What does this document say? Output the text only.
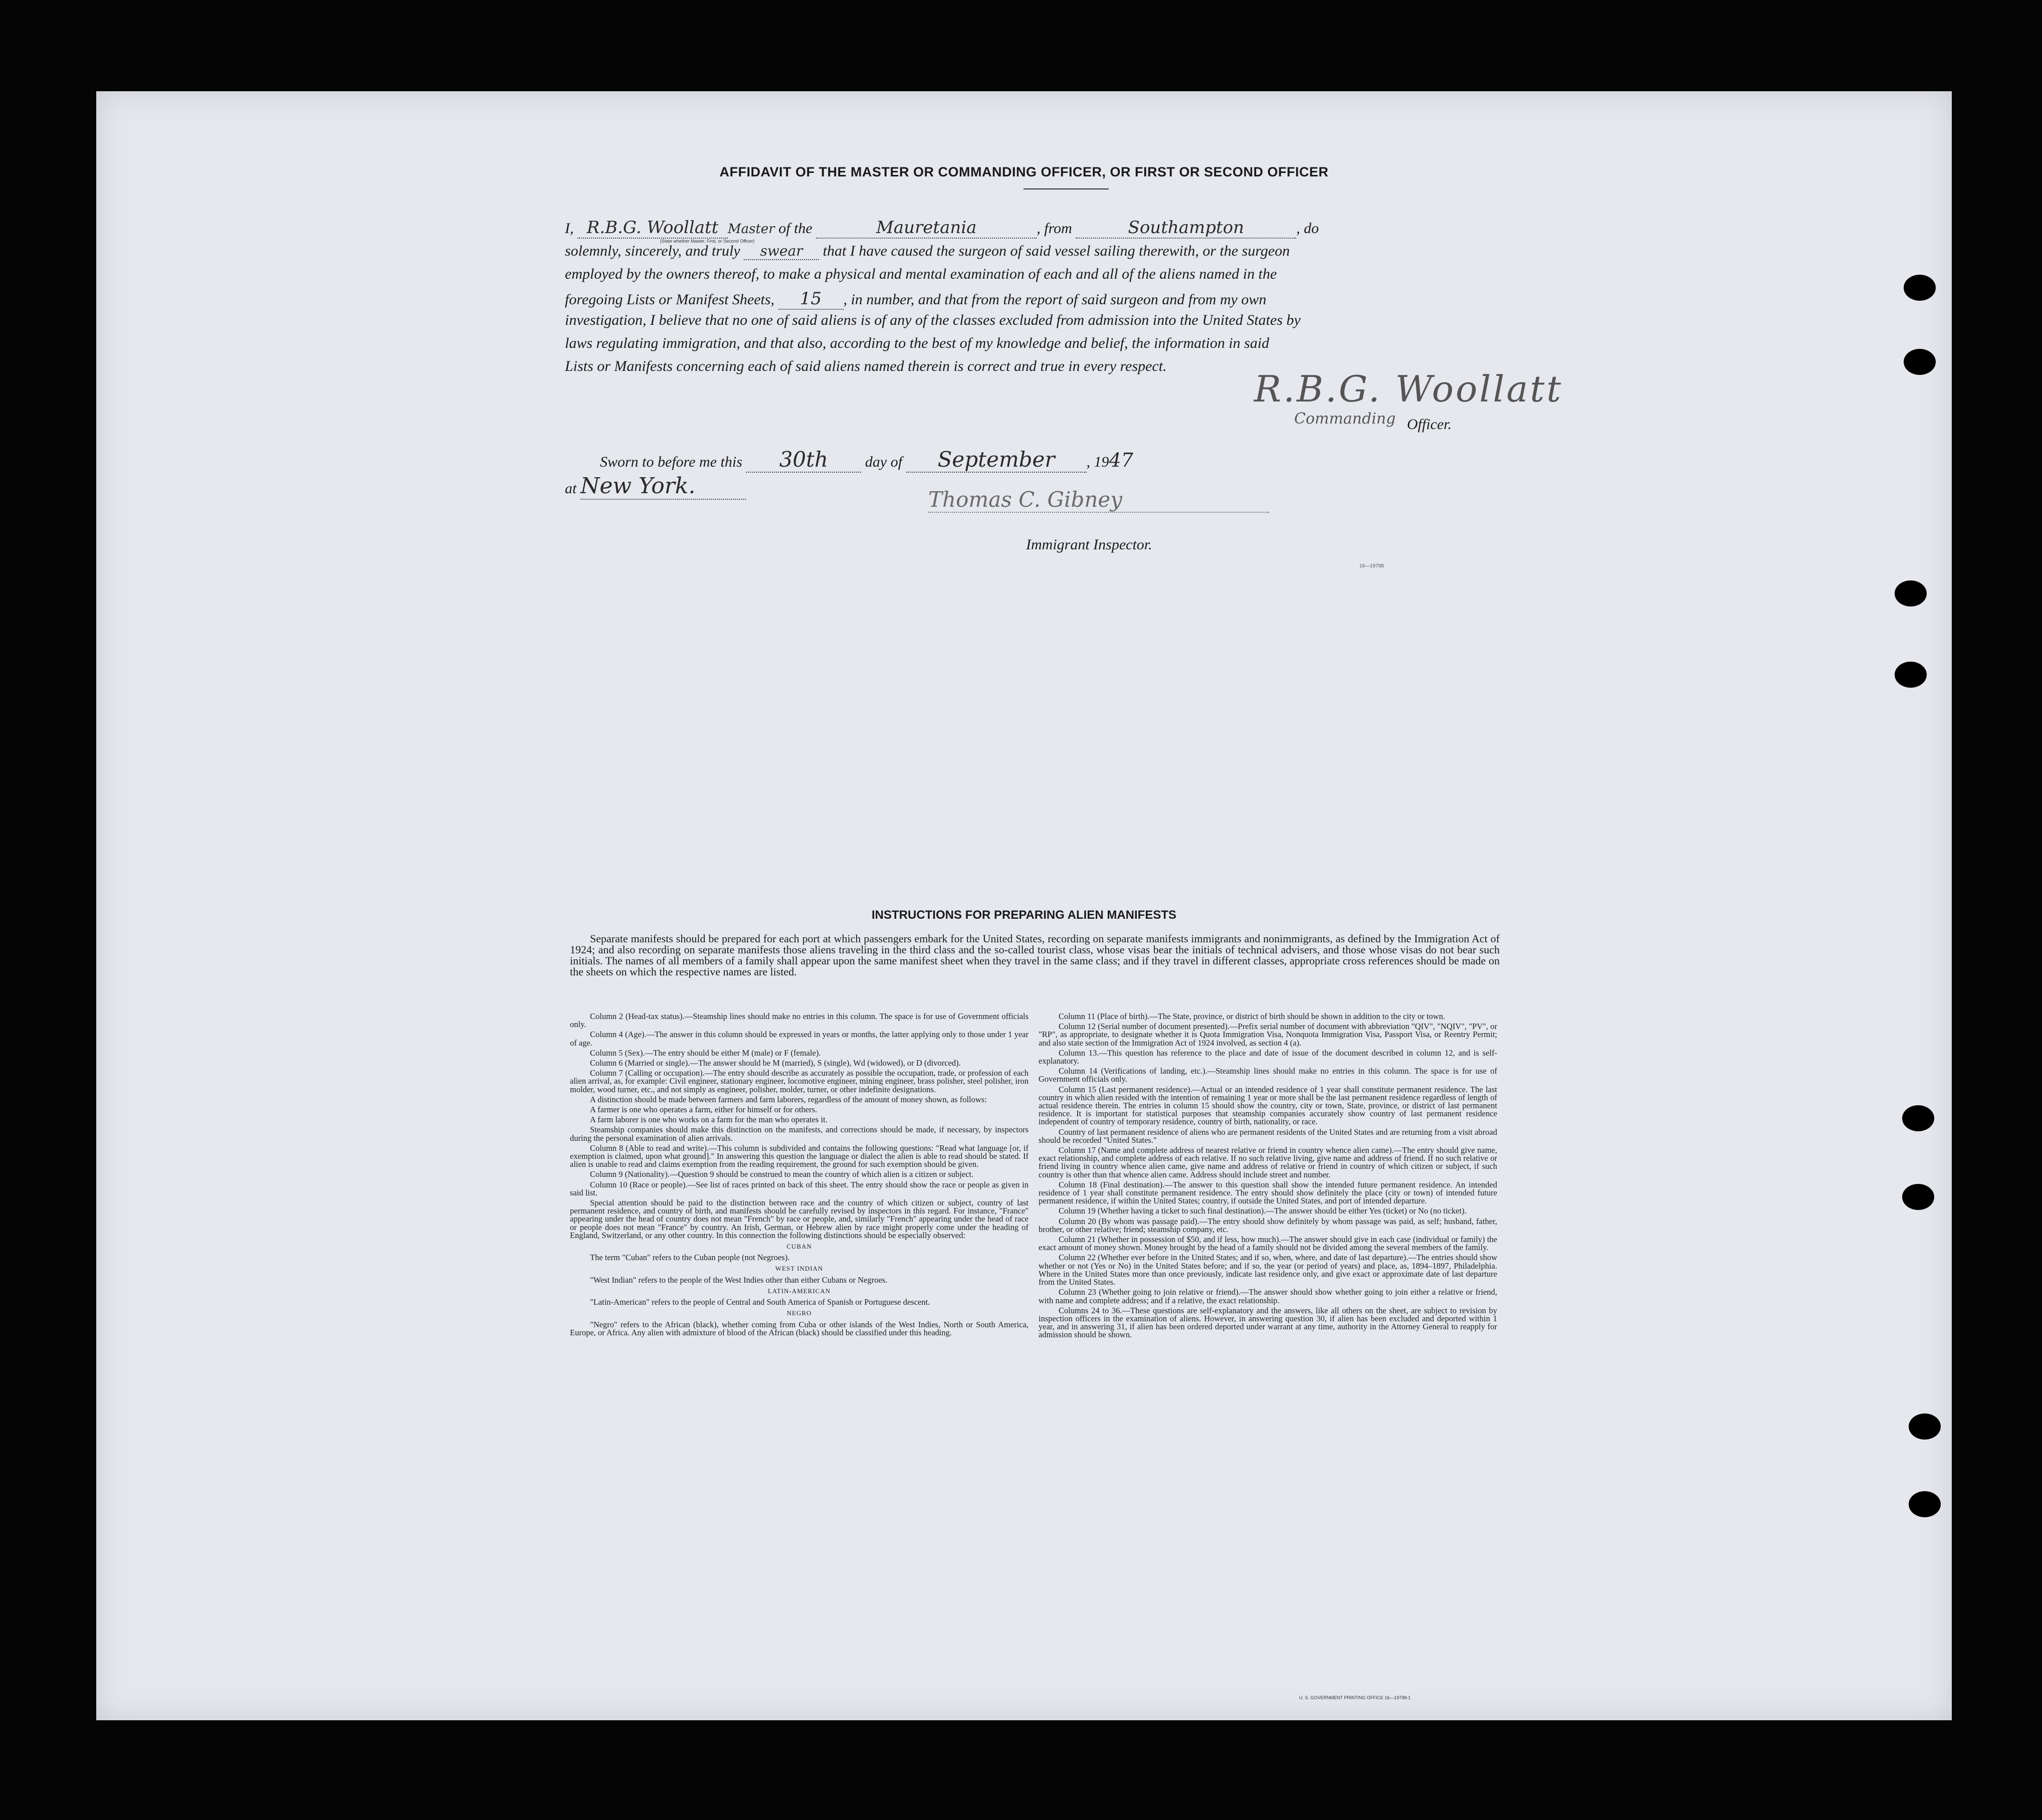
AFFIDAVIT OF THE MASTER OR COMMANDING OFFICER, OR FIRST OR SECOND OFFICER
I, R.B.G. Woollatt Master of the	Mauretania	, from	Southampton	, do
(State whether Master, First, or Second Officer)
solemnly, sincerely, and truly swear that I have caused the surgeon of said vessel sailing therewith, or the surgeon
employed by the owners thereof, to make a physical and mental examination of each and all of the aliens named in the
foregoing Lists or Manifest Sheets, 15 , in number, and that from the report of said surgeon and from my own
investigation, I believe that no one of said aliens is of any of the classes excluded from admission into the United States by
laws regulating immigration, and that also, according to the best of my knowledge and belief, the information in said
Lists or Manifests concerning each of said aliens named therein is correct and true in every respect.
R.B.G. Woollatt
Commanding Officer.
Sworn to before me this 30th day of September , 1947
at New York.
Thomas C. Gibney
Immigrant Inspector.
16—19798
INSTRUCTIONS FOR PREPARING ALIEN MANIFESTS
Separate manifests should be prepared for each port at which passengers embark for the United States, recording on separate manifests immigrants and nonimmigrants, as defined by the Immigration Act of 1924; and also recording on separate manifests those aliens traveling in the third class and the so-called tourist class, whose visas bear the initials of technical advisers, and those whose visas do not bear such initials. The names of all members of a family shall appear upon the same manifest sheet when they travel in the same class; and if they travel in different classes, appropriate cross references should be made on the sheets on which the respective names are listed.

Column 2 (Head-tax status).—Steamship lines should make no entries in this column. The space is for use of Government officials only.

Column 4 (Age).—The answer in this column should be expressed in years or months, the latter applying only to those under 1 year of age.

Column 5 (Sex).—The entry should be either M (male) or F (female).

Column 6 (Married or single).—The answer should be M (married), S (single), Wd (widowed), or D (divorced).

Column 7 (Calling or occupation).—The entry should describe as accurately as possible the occupation, trade, or profession of each alien arrival, as, for example: Civil engineer, stationary engineer, locomotive engineer, mining engineer, brass polisher, steel polisher, iron molder, wood turner, etc., and not simply as engineer, polisher, molder, turner, or other indefinite designations.

A distinction should be made between farmers and farm laborers, regardless of the amount of money shown, as follows:

A farmer is one who operates a farm, either for himself or for others.

A farm laborer is one who works on a farm for the man who operates it.

Steamship companies should make this distinction on the manifests, and corrections should be made, if necessary, by inspectors during the personal examination of alien arrivals.

Column 8 (Able to read and write).—This column is subdivided and contains the following questions: "Read what language [or, if exemption is claimed, upon what ground]." In answering this question the language or dialect the alien is able to read should be stated. If alien is unable to read and claims exemption from the reading requirement, the ground for such exemption should be given.

Column 9 (Nationality).—Question 9 should be construed to mean the country of which alien is a citizen or subject.

Column 10 (Race or people).—See list of races printed on back of this sheet. The entry should show the race or people as given in said list.

Special attention should be paid to the distinction between race and the country of which citizen or subject, country of last permanent residence, and country of birth, and manifests should be carefully revised by inspectors in this regard. For instance, "France" appearing under the head of country does not mean "French" by race or people, and, similarly "French" appearing under the head of race or people does not mean "France" by country. An Irish, German, or Hebrew alien by race might properly come under the heading of England, Switzerland, or any other country. In this connection the following distinctions should be especially observed:

CUBAN

The term "Cuban" refers to the Cuban people (not Negroes).

WEST INDIAN

"West Indian" refers to the people of the West Indies other than either Cubans or Negroes.

LATIN-AMERICAN

"Latin-American" refers to the people of Central and South America of Spanish or Portuguese descent.

NEGRO

"Negro" refers to the African (black), whether coming from Cuba or other islands of the West Indies, North or South America, Europe, or Africa. Any alien with admixture of blood of the African (black) should be classified under this heading.

Column 11 (Place of birth).—The State, province, or district of birth should be shown in addition to the city or town.

Column 12 (Serial number of document presented).—Prefix serial number of document with abbreviation "QIV", "NQIV", "PV", or "RP", as appropriate, to designate whether it is Quota Immigration Visa, Nonquota Immigration Visa, Passport Visa, or Reentry Permit; and also state section of the Immigration Act of 1924 involved, as section 4 (a).

Column 13.—This question has reference to the place and date of issue of the document described in column 12, and is self-explanatory.

Column 14 (Verifications of landing, etc.).—Steamship lines should make no entries in this column. The space is for use of Government officials only.

Column 15 (Last permanent residence).—Actual or an intended residence of 1 year shall constitute permanent residence. The last country in which alien resided with the intention of remaining 1 year or more shall be the last permanent residence regardless of length of actual residence therein. The entries in column 15 should show the country, city or town, State, province, or district of last permanent residence. It is important for statistical purposes that steamship companies accurately show country of last permanent residence independent of country of temporary residence, country of birth, nationality, or race.

Country of last permanent residence of aliens who are permanent residents of the United States and are returning from a visit abroad should be recorded "United States."

Column 17 (Name and complete address of nearest relative or friend in country whence alien came).—The entry should give name, exact relationship, and complete address of each relative. If no such relative living, give name and address of friend. If no such relative or friend living in country whence alien came, give name and address of relative or friend in country of which citizen or subject, if such country is other than that whence alien came. Address should include street and number.

Column 18 (Final destination).—The answer to this question shall show the intended future permanent residence. An intended residence of 1 year shall constitute permanent residence. The entry should show definitely the place (city or town) of intended future permanent residence, if within the United States; country, if outside the United States, and port of intended departure.

Column 19 (Whether having a ticket to such final destination).—The answer should be either Yes (ticket) or No (no ticket).

Column 20 (By whom was passage paid).—The entry should show definitely by whom passage was paid, as self; husband, father, brother, or other relative; friend; steamship company, etc.

Column 21 (Whether in possession of $50, and if less, how much).—The answer should give in each case (individual or family) the exact amount of money shown. Money brought by the head of a family should not be divided among the several members of the family.

Column 22 (Whether ever before in the United States; and if so, when, where, and date of last departure).—The entries should show whether or not (Yes or No) in the United States before; and if so, the year (or period of years) and place, as, 1894–1897, Philadelphia. Where in the United States more than once previously, indicate last residence only, and give exact or approximate date of last departure from the United States.

Column 23 (Whether going to join relative or friend).—The answer should show whether going to join either a relative or friend, with name and complete address; and if a relative, the exact relationship.

Columns 24 to 36.—These questions are self-explanatory and the answers, like all others on the sheet, are subject to revision by inspection officers in the examination of aliens. However, in answering question 30, if alien has been excluded and deported within 1 year, and in answering 31, if alien has been ordered deported under warrant at any time, authority in the Attorney General to reapply for admission should be shown.

U. S. GOVERNMENT PRINTING OFFICE 16—19798-1
